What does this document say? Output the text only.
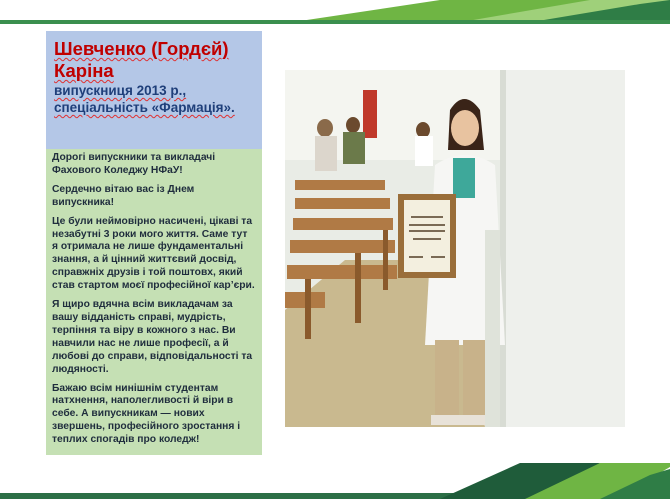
Шевченко (Гордєй)
Каріна
випускниця 2013 р.,
спеціальність «Фармація».

Дорогі випускники та викладачі Фахового Коледжу НФаУ!

Сердечно вітаю вас із Днем випускника!

Це були неймовірно насичені, цікаві та незабутні 3 роки мого життя. Саме тут я отримала не лише фундаментальні знання, а й цінний життєвий досвід, справжніх друзів і той поштовх, який став стартом моєї професійної кар’єри.

Я щиро вдячна всім викладачам за вашу відданість справі, мудрість, терпіння та віру в кожного з нас. Ви навчили нас не лише професії, а й любові до справи, відповідальності та людяності.

Бажаю всім нинішнім студентам натхнення, наполегливості й віри в себе. А випускникам — нових звершень, професійного зростання і теплих спогадів про коледж!
